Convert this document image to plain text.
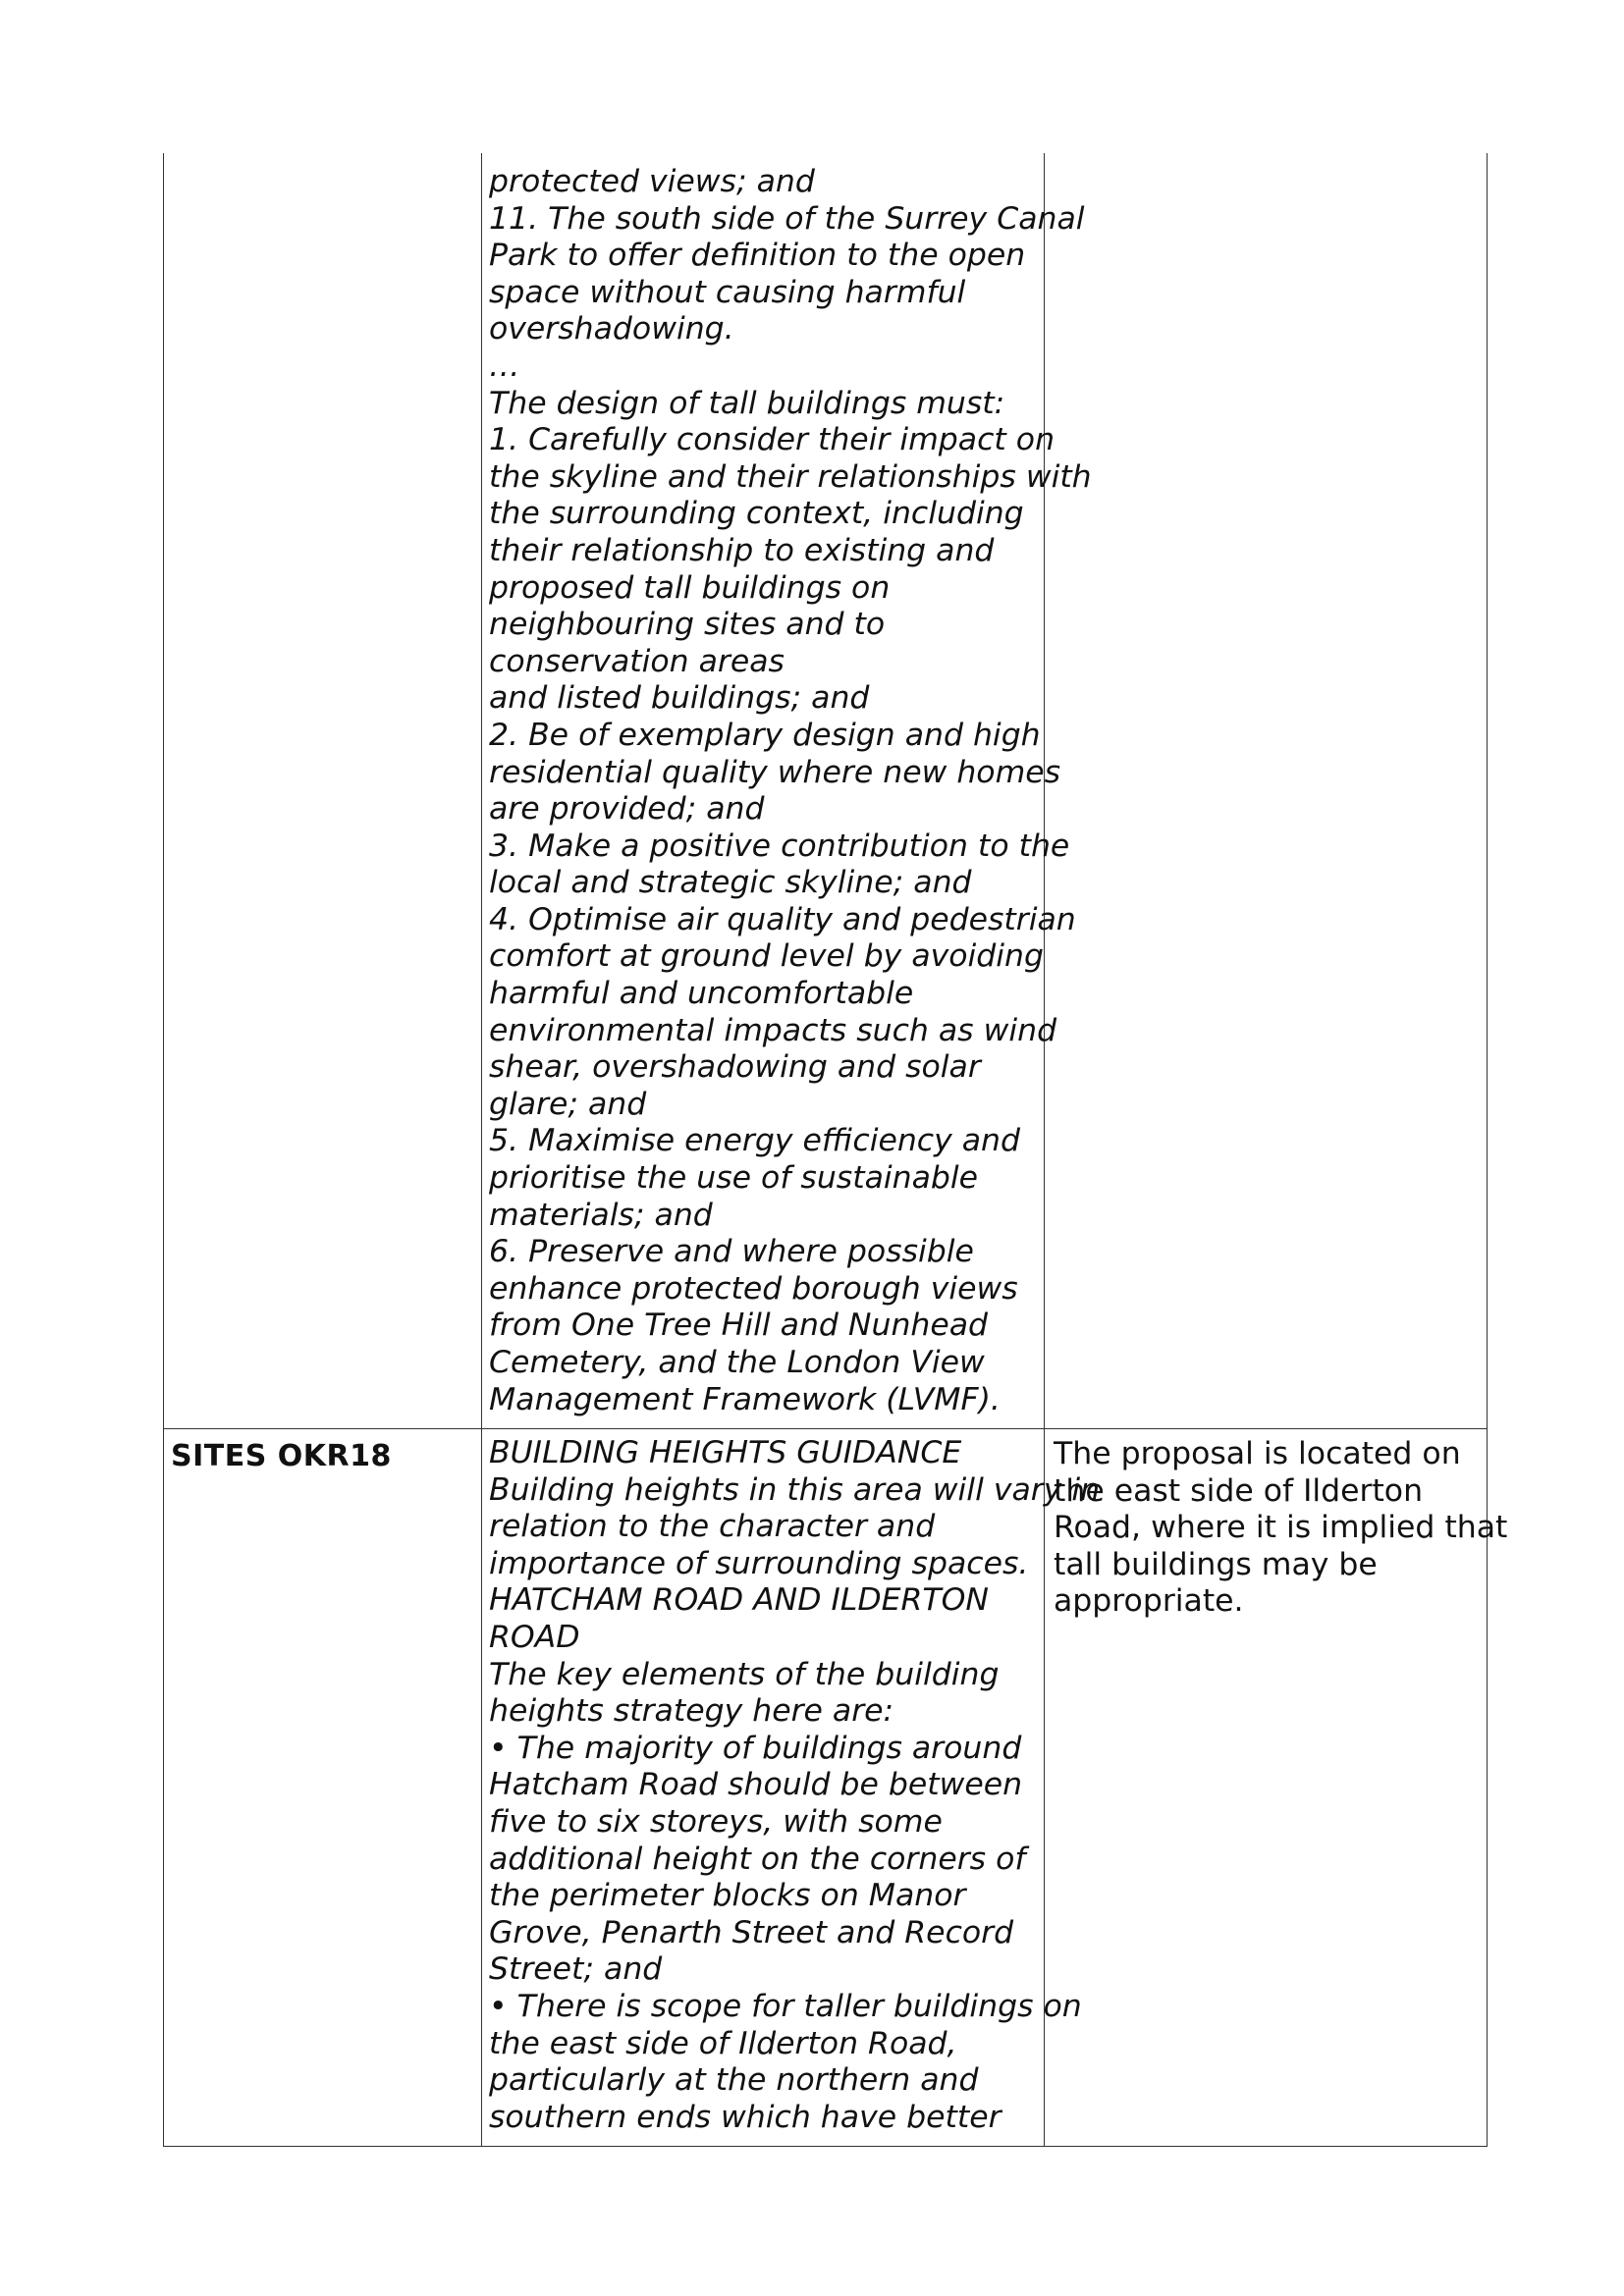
protected views; and
11. The south side of the Surrey Canal
Park to offer definition to the open
space without causing harmful
overshadowing.
…
The design of tall buildings must:
1. Carefully consider their impact on
the skyline and their relationships with
the surrounding context, including
their relationship to existing and
proposed tall buildings on
neighbouring sites and to
conservation areas
and listed buildings; and
2. Be of exemplary design and high
residential quality where new homes
are provided; and
3. Make a positive contribution to the
local and strategic skyline; and
4. Optimise air quality and pedestrian
comfort at ground level by avoiding
harmful and uncomfortable
environmental impacts such as wind
shear, overshadowing and solar
glare; and
5. Maximise energy efficiency and
prioritise the use of sustainable
materials; and
6. Preserve and where possible
enhance protected borough views
from One Tree Hill and Nunhead
Cemetery, and the London View
Management Framework (LVMF).
SITES OKR18	BUILDING HEIGHTS GUIDANCE
Building heights in this area will vary in
relation to the character and
importance of surrounding spaces.
HATCHAM ROAD AND ILDERTON
ROAD
The key elements of the building
heights strategy here are:
• The majority of buildings around
Hatcham Road should be between
five to six storeys, with some
additional height on the corners of
the perimeter blocks on Manor
Grove, Penarth Street and Record
Street; and
• There is scope for taller buildings on
the east side of Ilderton Road,
particularly at the northern and
southern ends which have better
The proposal is located on
the east side of Ilderton
Road, where it is implied that
tall buildings may be
appropriate.
